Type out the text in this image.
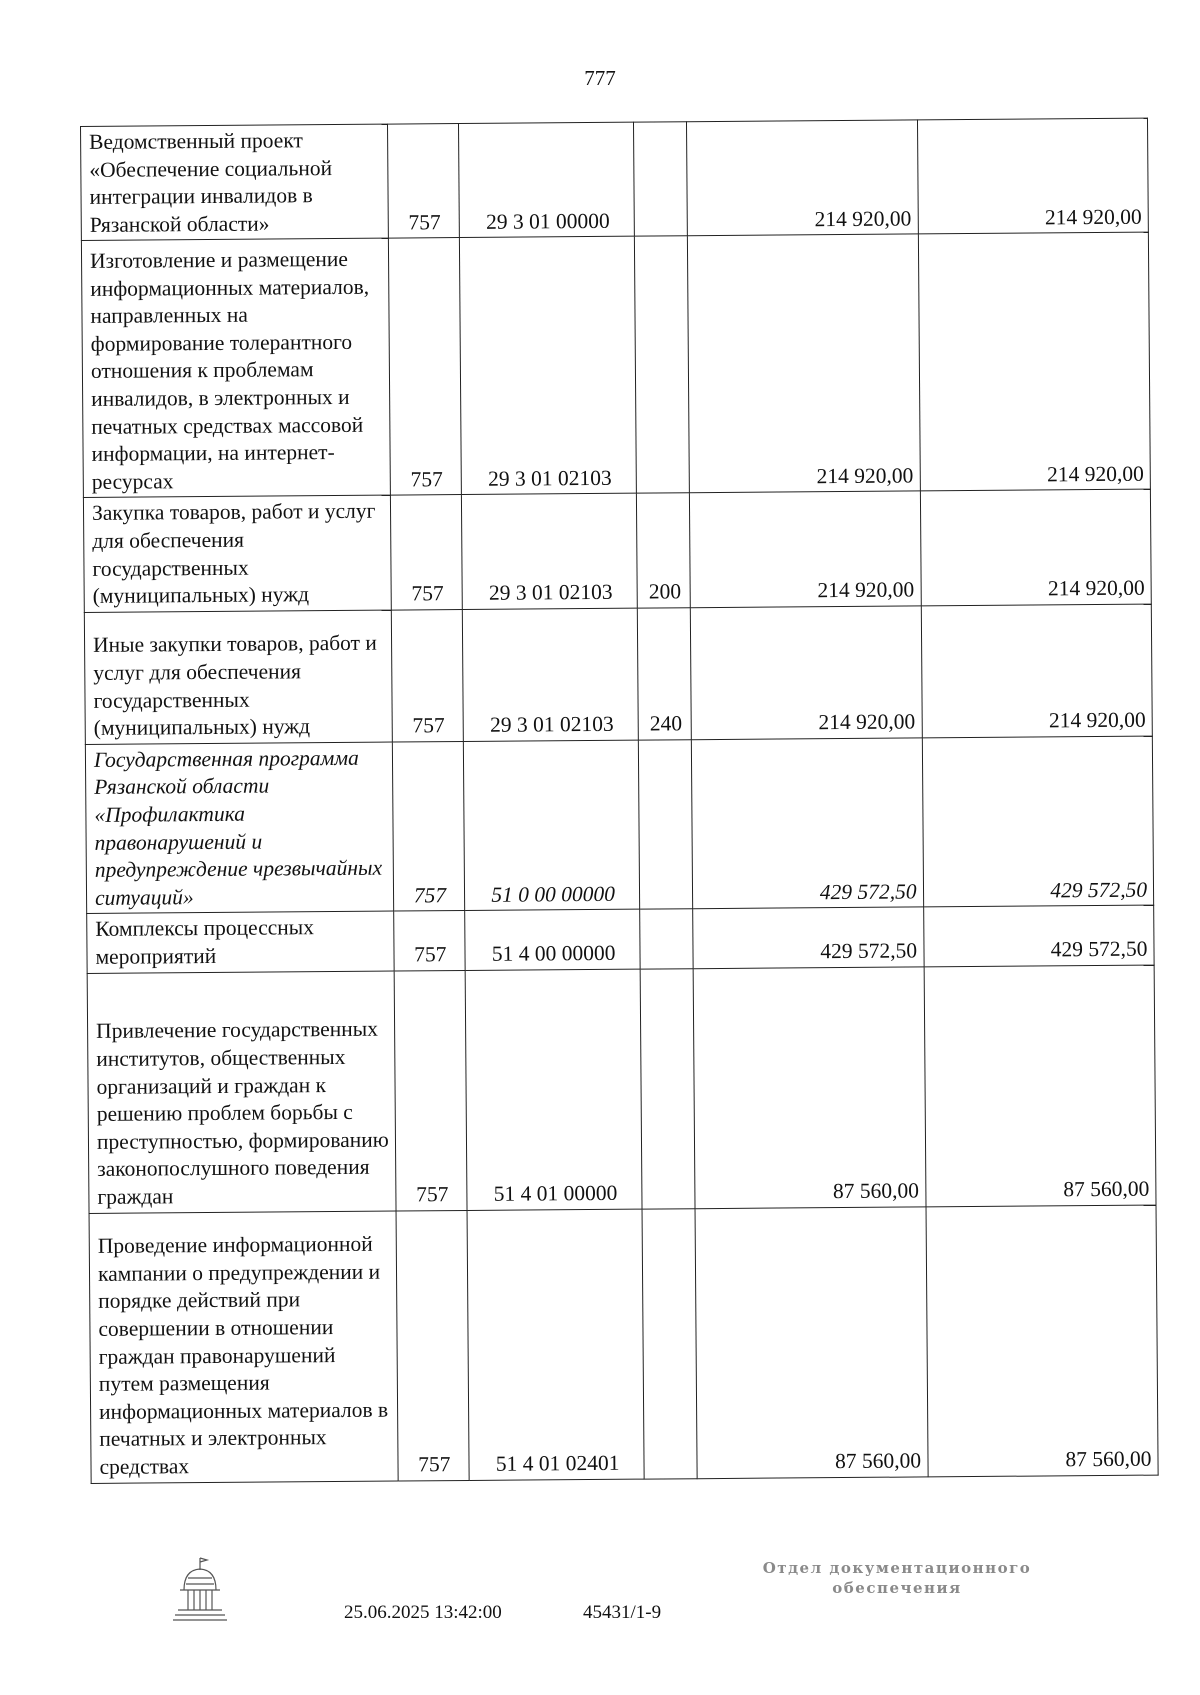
777
Ведомственный проект «Обеспечение социальной интеграции инвалидов в Рязанской области»	757	29 3 01 00000		214 920,00	214 920,00
Изготовление и размещение информационных материалов, направленных на формирование толерантного отношения к проблемам инвалидов, в электронных и печатных средствах массовой информации, на интернет-ресурсах	757	29 3 01 02103		214 920,00	214 920,00
Закупка товаров, работ и услуг для обеспечения государственных (муниципальных) нужд	757	29 3 01 02103	200	214 920,00	214 920,00
Иные закупки товаров, работ и услуг для обеспечения государственных (муниципальных) нужд	757	29 3 01 02103	240	214 920,00	214 920,00
Государственная программа Рязанской области «Профилактика правонарушений и предупреждение чрезвычайных ситуаций»	757	51 0 00 00000		429 572,50	429 572,50
Комплексы процессных мероприятий	757	51 4 00 00000		429 572,50	429 572,50
Привлечение государственных институтов, общественных организаций и граждан к решению проблем борьбы с преступностью, формированию законопослушного поведения граждан	757	51 4 01 00000		87 560,00	87 560,00
Проведение информационной кампании о предупреждении и порядке действий при совершении в отношении граждан правонарушений путем размещения информационных материалов в печатных и электронных средствах	757	51 4 01 02401		87 560,00	87 560,00
25.06.2025 13:42:00	45431/1-9
Отдел документационного
обеспечения
